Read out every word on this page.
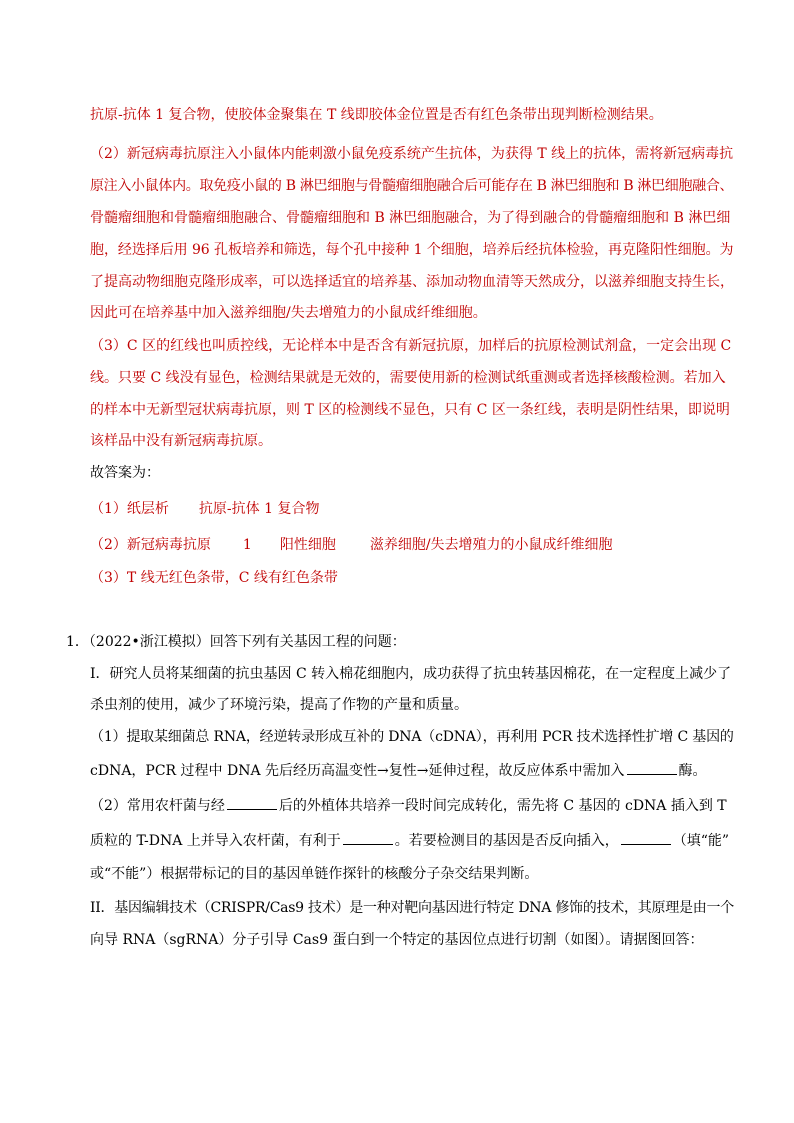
抗原-抗体 1 复合物，使胶体金聚集在 T 线即胶体金位置是否有红色条带出现判断检测结果。
（2）新冠病毒抗原注入小鼠体内能刺激小鼠免疫系统产生抗体，为获得 T 线上的抗体，需将新冠病毒抗
原注入小鼠体内。取免疫小鼠的 B 淋巴细胞与骨髓瘤细胞融合后可能存在 B 淋巴细胞和 B 淋巴细胞融合、
骨髓瘤细胞和骨髓瘤细胞融合、骨髓瘤细胞和 B 淋巴细胞融合，为了得到融合的骨髓瘤细胞和 B 淋巴细
胞，经选择后用 96 孔板培养和筛选，每个孔中接种 1 个细胞，培养后经抗体检验，再克隆阳性细胞。为
了提高动物细胞克隆形成率，可以选择适宜的培养基、添加动物血清等天然成分，以滋养细胞支持生长，
因此可在培养基中加入滋养细胞/失去增殖力的小鼠成纤维细胞。
（3）C 区的红线也叫质控线，无论样本中是否含有新冠抗原，加样后的抗原检测试剂盒，一定会出现 C
线。只要 C 线没有显色，检测结果就是无效的，需要使用新的检测试纸重测或者选择核酸检测。若加入
的样本中无新型冠状病毒抗原，则 T 区的检测线不显色，只有 C 区一条红线，表明是阴性结果，即说明
该样品中没有新冠病毒抗原。
故答案为：
（1）纸层析 抗原-抗体 1 复合物
（2）新冠病毒抗原 1 阳性细胞 滋养细胞/失去增殖力的小鼠成纤维细胞
（3）T 线无红色条带，C 线有红色条带
1．（2022•浙江模拟）回答下列有关基因工程的问题：
I．研究人员将某细菌的抗虫基因 C 转入棉花细胞内，成功获得了抗虫转基因棉花，在一定程度上减少了
杀虫剂的使用，减少了环境污染，提高了作物的产量和质量。
（1）提取某细菌总 RNA，经逆转录形成互补的 DNA（cDNA），再利用 PCR 技术选择性扩增 C 基因的
cDNA，PCR 过程中 DNA 先后经历高温变性→复性→延伸过程，故反应体系中需加入	酶。
（2）常用农杆菌与经	后的外植体共培养一段时间完成转化，需先将 C 基因的 cDNA 插入到 T
质粒的 T-DNA 上并导入农杆菌，有利于	。若要检测目的基因是否反向插入，	（填“能”
或“不能”）根据带标记的目的基因单链作探针的核酸分子杂交结果判断。
II．基因编辑技术（CRISPR/Cas9 技术）是一种对靶向基因进行特定 DNA 修饰的技术，其原理是由一个
向导 RNA（sgRNA）分子引导 Cas9 蛋白到一个特定的基因位点进行切割（如图）。请据图回答：
